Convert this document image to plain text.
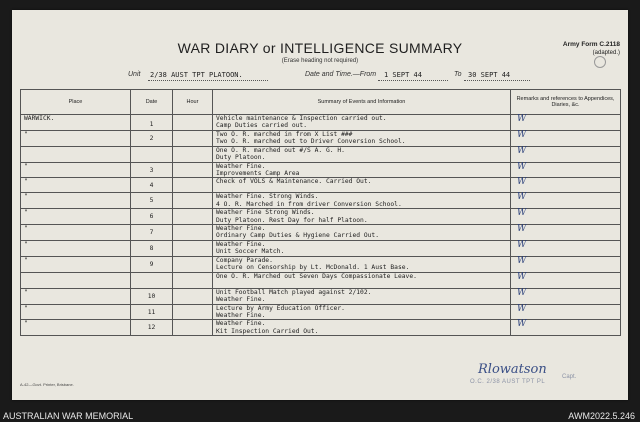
WAR DIARY or INTELLIGENCE SUMMARY
(Erase heading not required)
Army Form C.2118
(adapted.)
Unit 2/38 AUST TPT PLATOON.	Date and Time.—From 1 SEPT 44	To 30 SEPT 44
Place	Date	Hour	Summary of Events and Information	Remarks and references to Appendices, Diaries, &c.
WARWICK.	1		Vehicle maintenance & Inspection carried out.
Camp Duties carried out.	W

"	2		Two O. R. marched in from X List ###
Two O. R. marched out to Driver Conversion School.	W

			One O. R. marched out #/S A. G. H.
Duty Platoon.	W

"	3		Weather Fine.
Improvements Camp Area	W

"	4		Check of VOLS & Maintenance. Carried Out.	W

"	5		Weather Fine. Strong Winds.
4 O. R. Marched in from driver Conversion School.	W

"	6		Weather Fine Strong Winds.
Duty Platoon. Rest Day for half Platoon.	W

"	7		Weather Fine.
Ordinary Camp Duties & Hygiene Carried Out.	W

"	8		Weather Fine.
Unit Soccer Match.	W

"	9		Company Parade.
Lecture on Censorship by Lt. McDonald. 1 Aust Base.	W

			One O. R. Marched out Seven Days Compassionate Leave.	W

"	10		Unit Football Match played against 2/102.
Weather Fine.	W

"	11		Lecture by Army Education Officer.
Weather Fine.	W

"	12		Weather Fine.
Kit Inspection Carried Out.	W
A-42—Govt. Printer, Brisbane.
Rlowatson	Capt.
O.C. 2/38 AUST TPT PL
AUSTRALIAN WAR MEMORIAL	AWM2022.5.246
